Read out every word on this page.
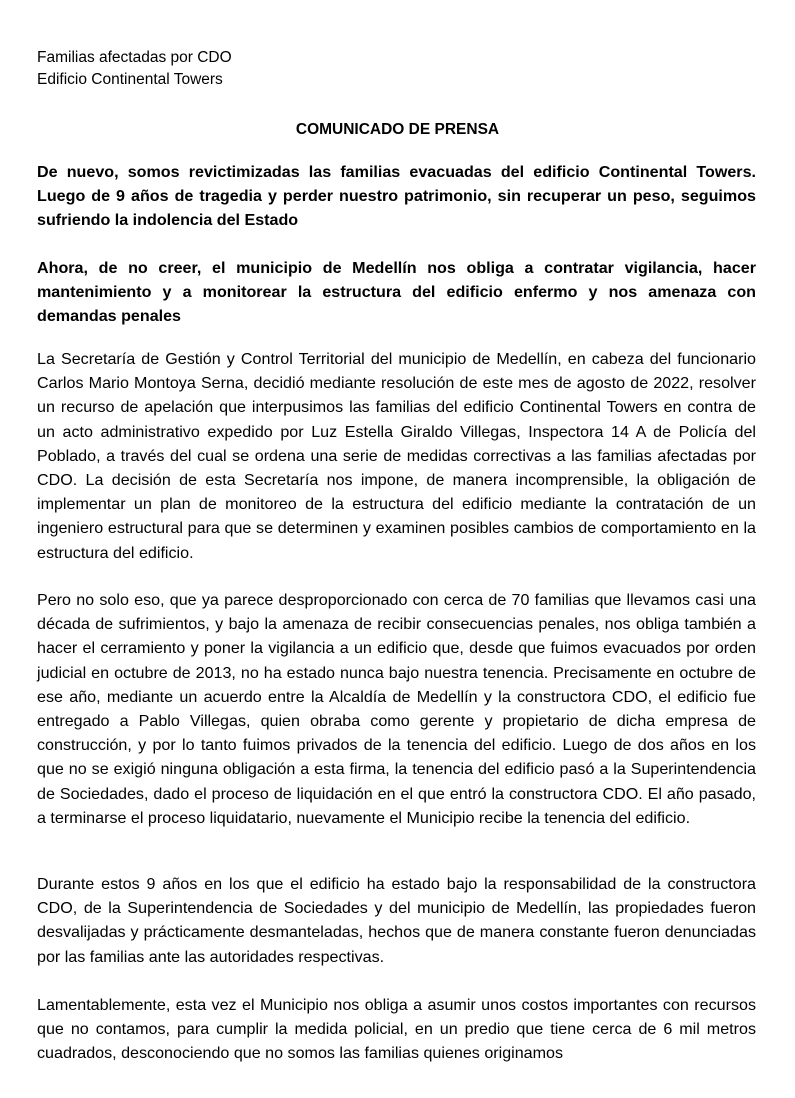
Familias afectadas por CDO
Edificio Continental Towers
COMUNICADO DE PRENSA

De nuevo, somos revictimizadas las familias evacuadas del edificio Continental Towers. Luego de 9 años de tragedia y perder nuestro patrimonio, sin recuperar un peso, seguimos sufriendo la indolencia del Estado

Ahora, de no creer, el municipio de Medellín nos obliga a contratar vigilancia, hacer mantenimiento y a monitorear la estructura del edificio enfermo y nos amenaza con demandas penales

La Secretaría de Gestión y Control Territorial del municipio de Medellín, en cabeza del funcionario Carlos Mario Montoya Serna, decidió mediante resolución de este mes de agosto de 2022, resolver un recurso de apelación que interpusimos las familias del edificio Continental Towers en contra de un acto administrativo expedido por Luz Estella Giraldo Villegas, Inspectora 14 A de Policía del Poblado, a través del cual se ordena una serie de medidas correctivas a las familias afectadas por CDO. La decisión de esta Secretaría nos impone, de manera incomprensible, la obligación de implementar un plan de monitoreo de la estructura del edificio mediante la contratación de un ingeniero estructural para que se determinen y examinen posibles cambios de comportamiento en la estructura del edificio.

Pero no solo eso, que ya parece desproporcionado con cerca de 70 familias que llevamos casi una década de sufrimientos, y bajo la amenaza de recibir consecuencias penales, nos obliga también a hacer el cerramiento y poner la vigilancia a un edificio que, desde que fuimos evacuados por orden judicial en octubre de 2013, no ha estado nunca bajo nuestra tenencia. Precisamente en octubre de ese año, mediante un acuerdo entre la Alcaldía de Medellín y la constructora CDO, el edificio fue entregado a Pablo Villegas, quien obraba como gerente y propietario de dicha empresa de construcción, y por lo tanto fuimos privados de la tenencia del edificio. Luego de dos años en los que no se exigió ninguna obligación a esta firma, la tenencia del edificio pasó a la Superintendencia de Sociedades, dado el proceso de liquidación en el que entró la constructora CDO. El año pasado, a terminarse el proceso liquidatario, nuevamente el Municipio recibe la tenencia del edificio.

Durante estos 9 años en los que el edificio ha estado bajo la responsabilidad de la constructora CDO, de la Superintendencia de Sociedades y del municipio de Medellín, las propiedades fueron desvalijadas y prácticamente desmanteladas, hechos que de manera constante fueron denunciadas por las familias ante las autoridades respectivas.

Lamentablemente, esta vez el Municipio nos obliga a asumir unos costos importantes con recursos que no contamos, para cumplir la medida policial, en un predio que tiene cerca de 6 mil metros cuadrados, desconociendo que no somos las familias quienes originamos
